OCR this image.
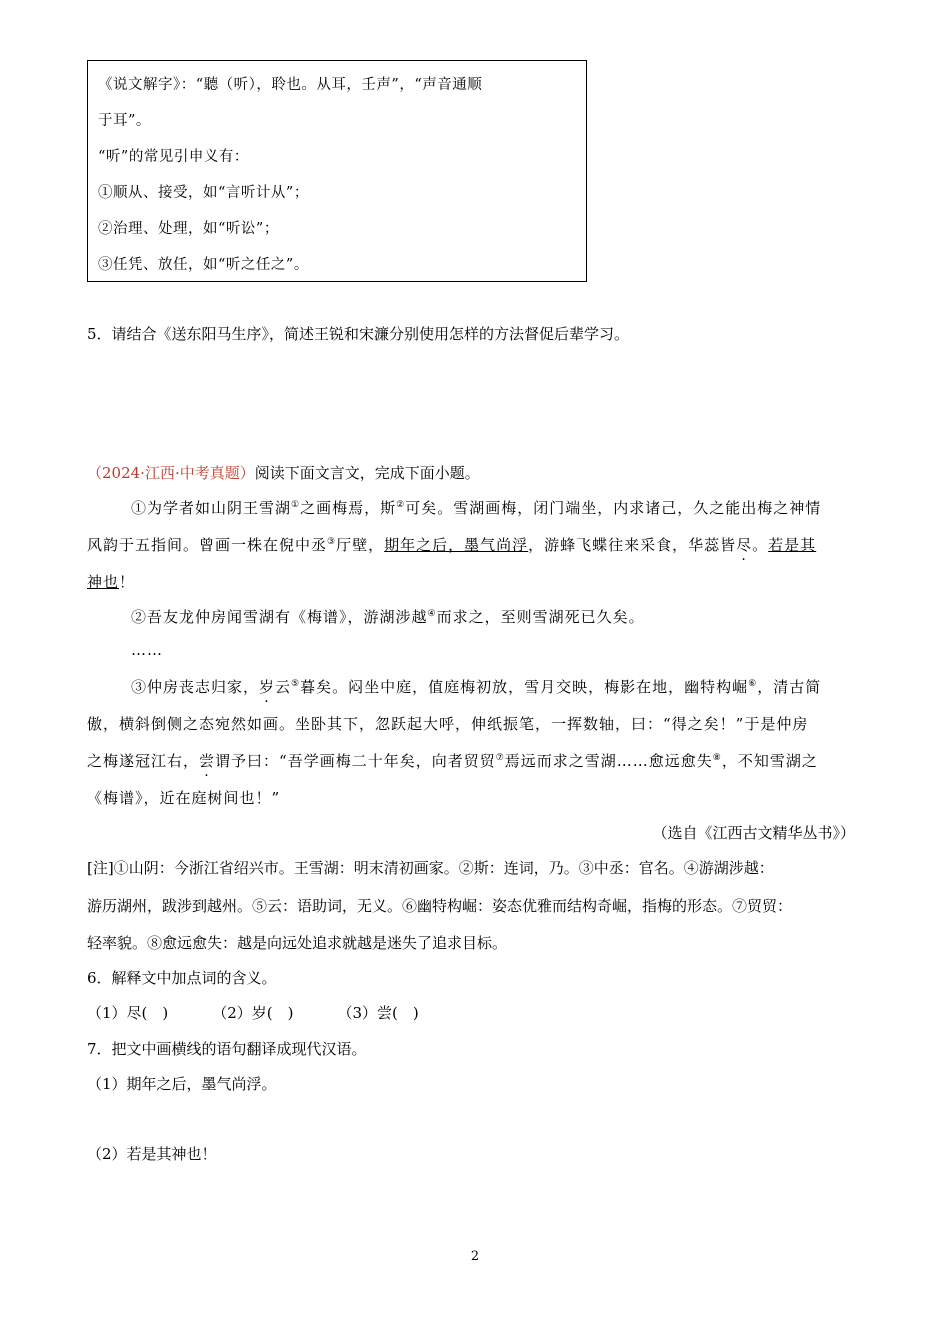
《说文解字》：“聽（听），聆也。从耳，壬声”，“声音通顺
于耳”。
“听”的常见引申义有：
①顺从、接受，如“言听计从”；
②治理、处理，如“听讼”；
③任凭、放任，如“听之任之”。
5．请结合《送东阳马生序》，简述王锐和宋濂分别使用怎样的方法督促后辈学习。
（2024·江西·中考真题）阅读下面文言文，完成下面小题。
①为学者如山阴王雪湖①之画梅焉，斯②可矣。雪湖画梅，闭门端坐，内求诸己，久之能出梅之神情
风韵于五指间。曾画一株在倪中丞③厅壁，期年之后，墨气尚浮，游蜂飞蝶往来采食，华蕊皆尽。若是其
神也！
②吾友龙仲房闻雪湖有《梅谱》，游湖涉越④而求之，至则雪湖死已久矣。
……
③仲房丧志归家，岁云⑤暮矣。闷坐中庭，值庭梅初放，雪月交映，梅影在地，幽特构崛⑥，清古简
傲，横斜倒侧之态宛然如画。坐卧其下，忽跃起大呼，伸纸振笔，一挥数轴，曰：“得之矣！”于是仲房
之梅遂冠江右，尝谓予曰：“吾学画梅二十年矣，向者贸贸⑦焉远而求之雪湖……愈远愈失⑧，不知雪湖之
《梅谱》，近在庭树间也！”
（选自《江西古文精华丛书》）
[注]①山阴：今浙江省绍兴市。王雪湖：明末清初画家。②斯：连词，乃。③中丞：官名。④游湖涉越：
游历湖州，跋涉到越州。⑤云：语助词，无义。⑥幽特构崛：姿态优雅而结构奇崛，指梅的形态。⑦贸贸：
轻率貌。⑧愈远愈失：越是向远处追求就越是迷失了追求目标。
6．解释文中加点词的含义。
（1）尽(　)	（2）岁(　)	（3）尝(　)
7．把文中画横线的语句翻译成现代汉语。
（1）期年之后，墨气尚浮。
（2）若是其神也！
2
